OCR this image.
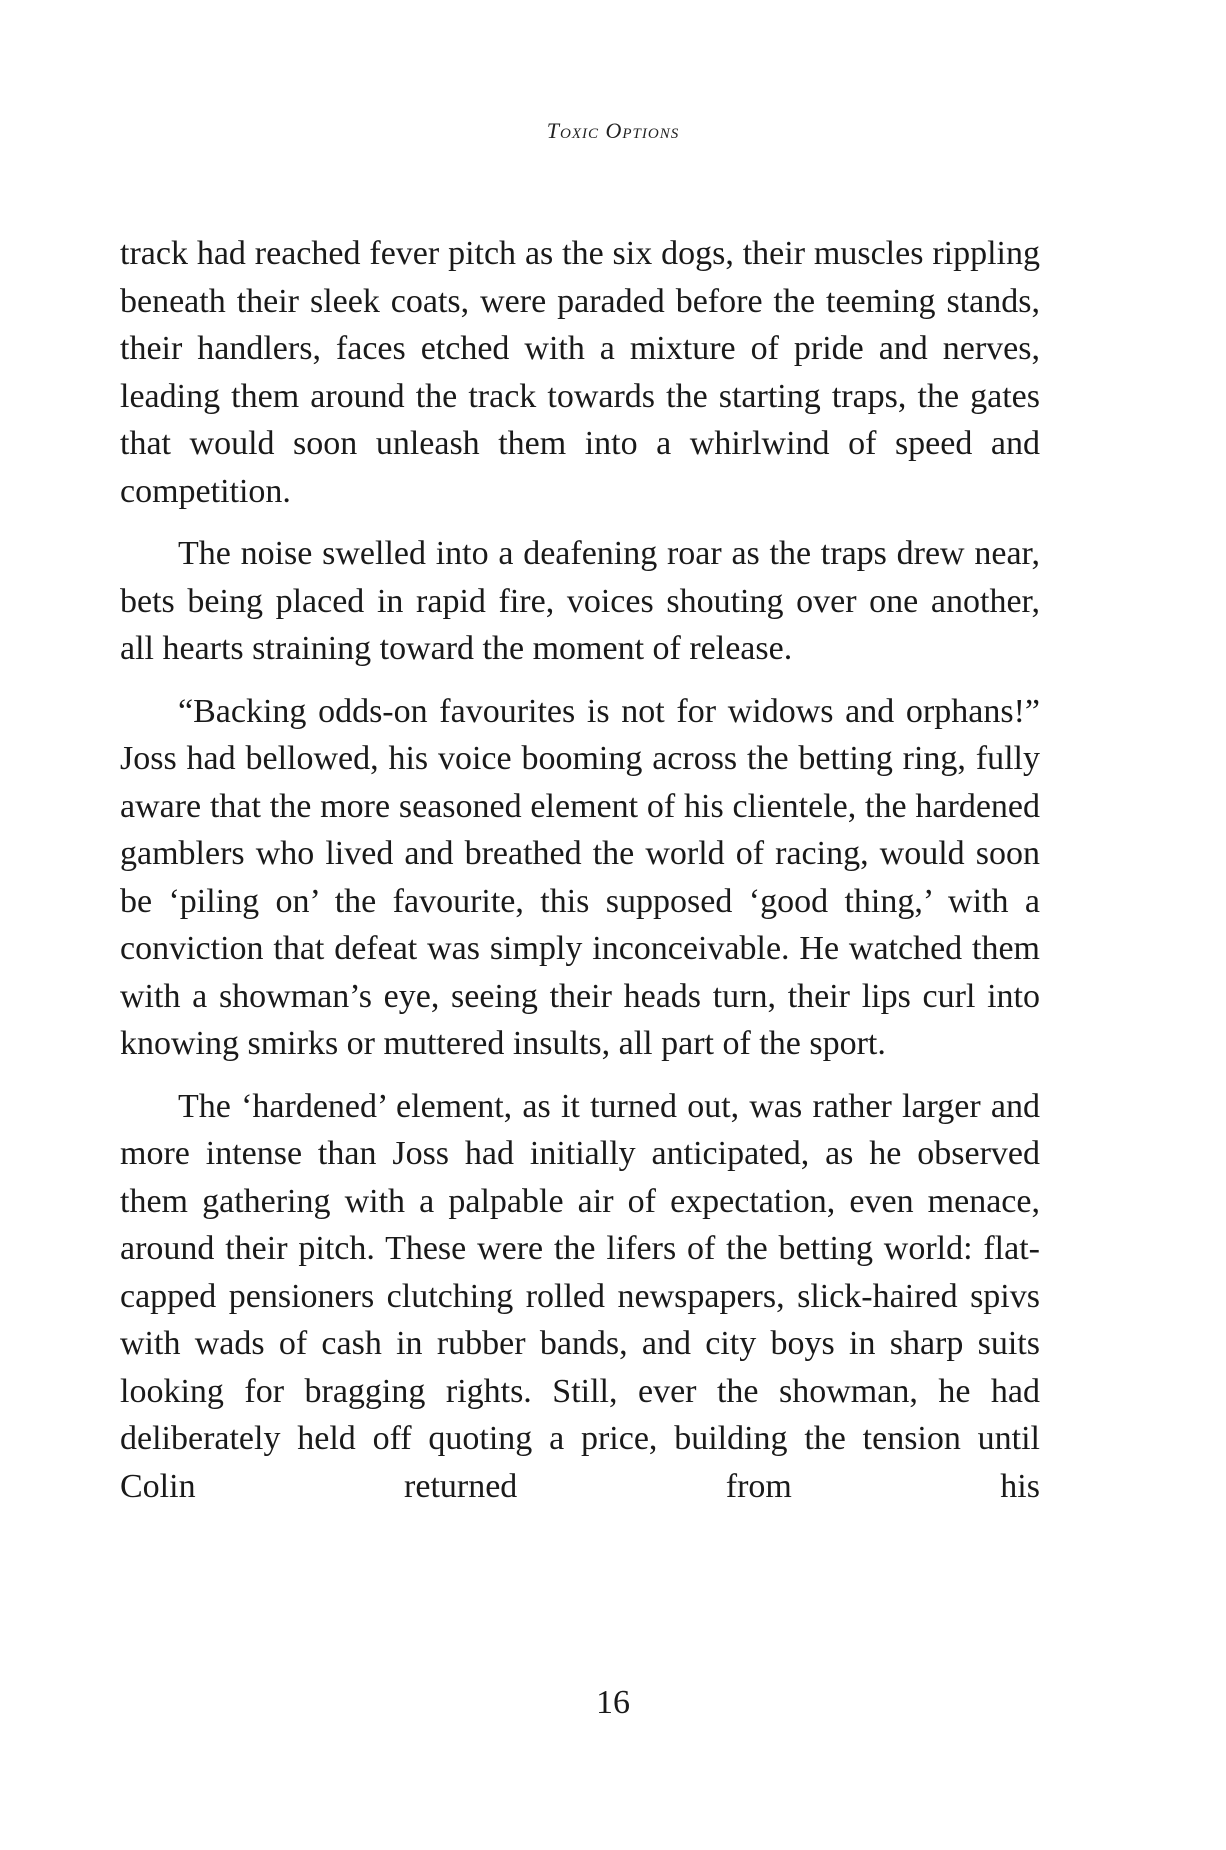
Toxic Options

track had reached fever pitch as the six dogs, their muscles rippling beneath their sleek coats, were paraded before the teeming stands, their handlers, faces etched with a mixture of pride and nerves, leading them around the track towards the starting traps, the gates that would soon unleash them into a whirlwind of speed and competition.

The noise swelled into a deafening roar as the traps drew near, bets being placed in rapid fire, voices shouting over one another, all hearts straining toward the moment of release.

“Backing odds-on favourites is not for widows and orphans!” Joss had bellowed, his voice booming across the betting ring, fully aware that the more seasoned element of his clientele, the hardened gamblers who lived and breathed the world of racing, would soon be ‘piling on’ the favourite, this supposed ‘good thing,’ with a conviction that defeat was simply inconceivable. He watched them with a showman’s eye, seeing their heads turn, their lips curl into knowing smirks or muttered insults, all part of the sport.

The ‘hardened’ element, as it turned out, was rather larger and more intense than Joss had initially anticipated, as he observed them gathering with a palpable air of expectation, even menace, around their pitch. These were the lifers of the betting world: flat-capped pensioners clutching rolled newspapers, slick-haired spivs with wads of cash in rubber bands, and city boys in sharp suits looking for bragging rights. Still, ever the showman, he had deliberately held off quoting a price, building the tension until Colin returned from his

16
